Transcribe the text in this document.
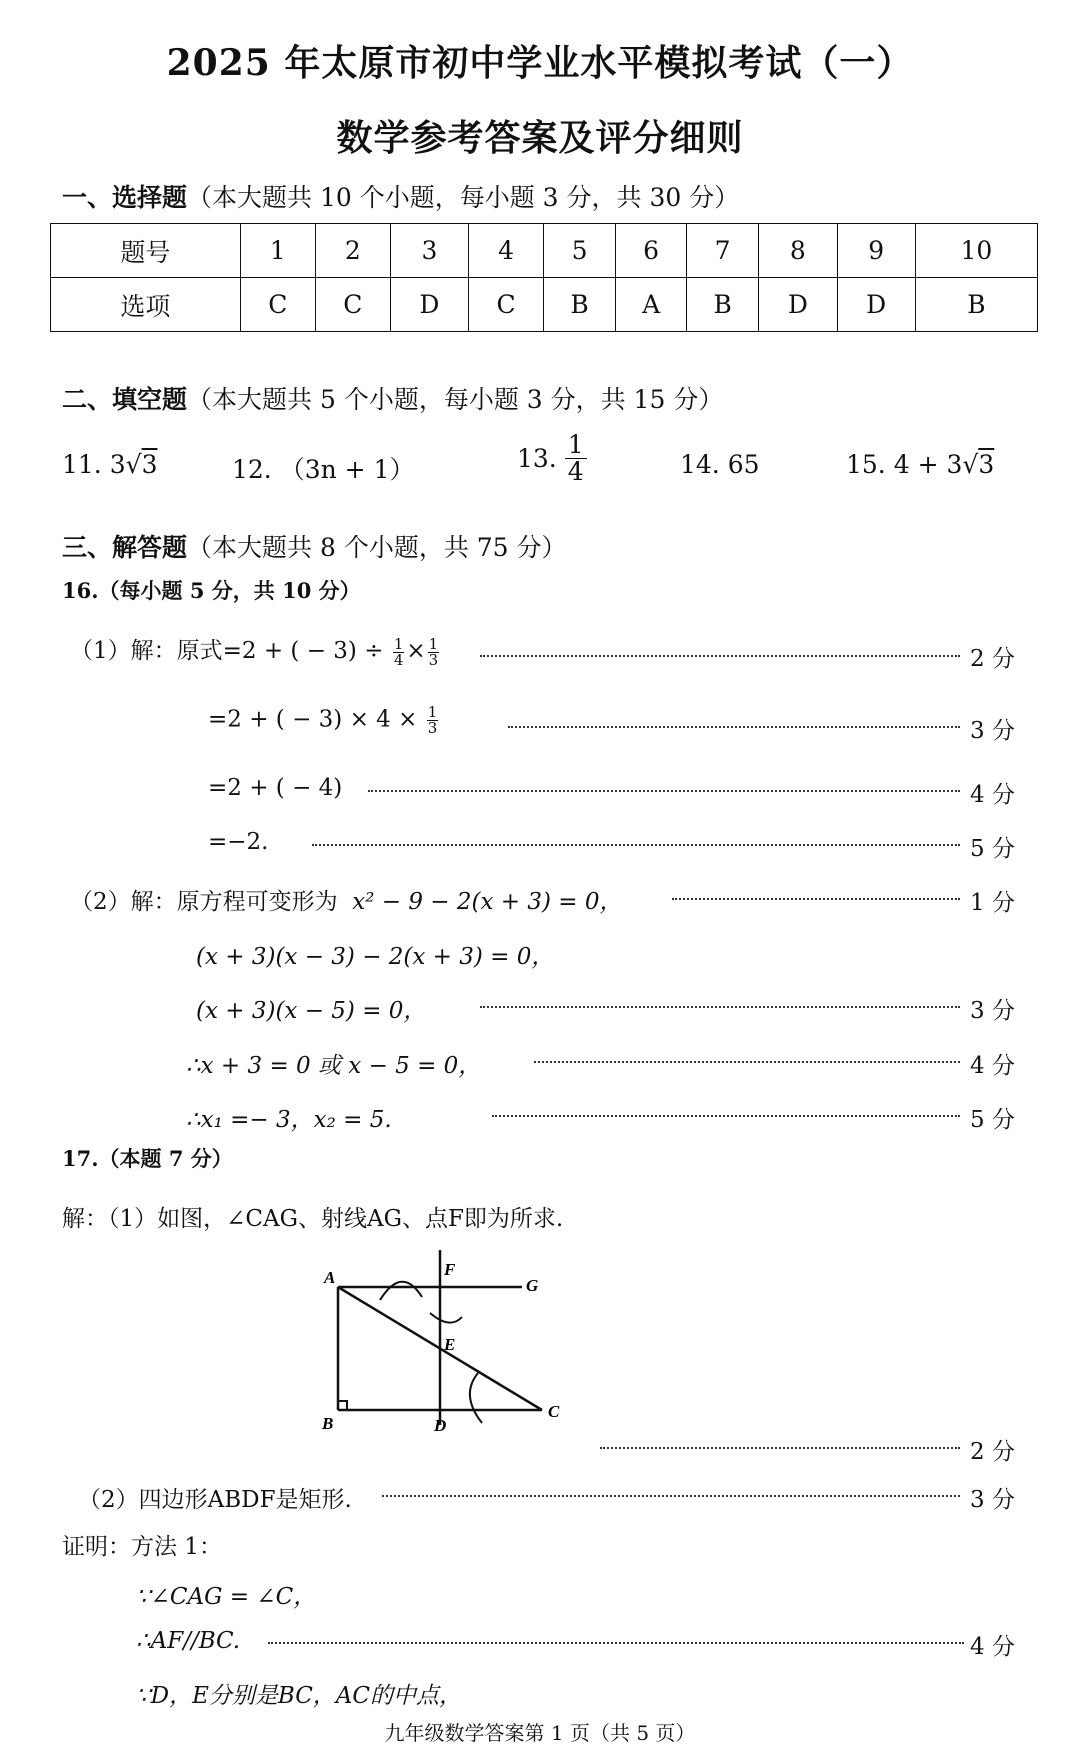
2025 年太原市初中学业水平模拟考试（一）
数学参考答案及评分细则
一、选择题（本大题共 10 个小题，每小题 3 分，共 30 分）
题号	1	2	3	4	5	6	7	8	9	10
选项	C	C	D	C	B	A	B	D	D	B
二、填空题（本大题共 5 个小题，每小题 3 分，共 15 分）
11. 3√3	12. （3n + 1）	13. $\frac{1}{4}$	14. 65	15. 4 + 3√3
三、解答题（本大题共 8 个小题，共 75 分）
16.（每小题 5 分，共 10 分）
（1）解：原式=2 + ( − $3) \div \frac{1}{4} \times \frac{1}{3}$	2 分
=2 + ( − $3) \times 4 \times \frac{1}{3}$	3 分
=2 + ( − 4)	4 分
=−2.	5 分
（2）解：原方程可变形为 x² − 9 − 2(x + 3) = 0，	1 分
(x + 3)(x − 3) − 2(x + 3) = 0，
(x + 3)(x − 5) = 0，	3 分
∴x + 3 = 0 或 x − 5 = 0，	4 分
∴x₁ =− 3，x₂ = 5.	5 分
17.（本题 7 分）
解：（1）如图，∠CAG、射线AG、点F即为所求.
A	F
G
E
B	D
C
2 分
（2）四边形ABDF是矩形.	3 分
证明：方法 1：
∵∠CAG = ∠C，
∴AF//BC.	4 分
∵D，E分别是BC，AC的中点，
九年级数学答案第 1 页（共 5 页）
